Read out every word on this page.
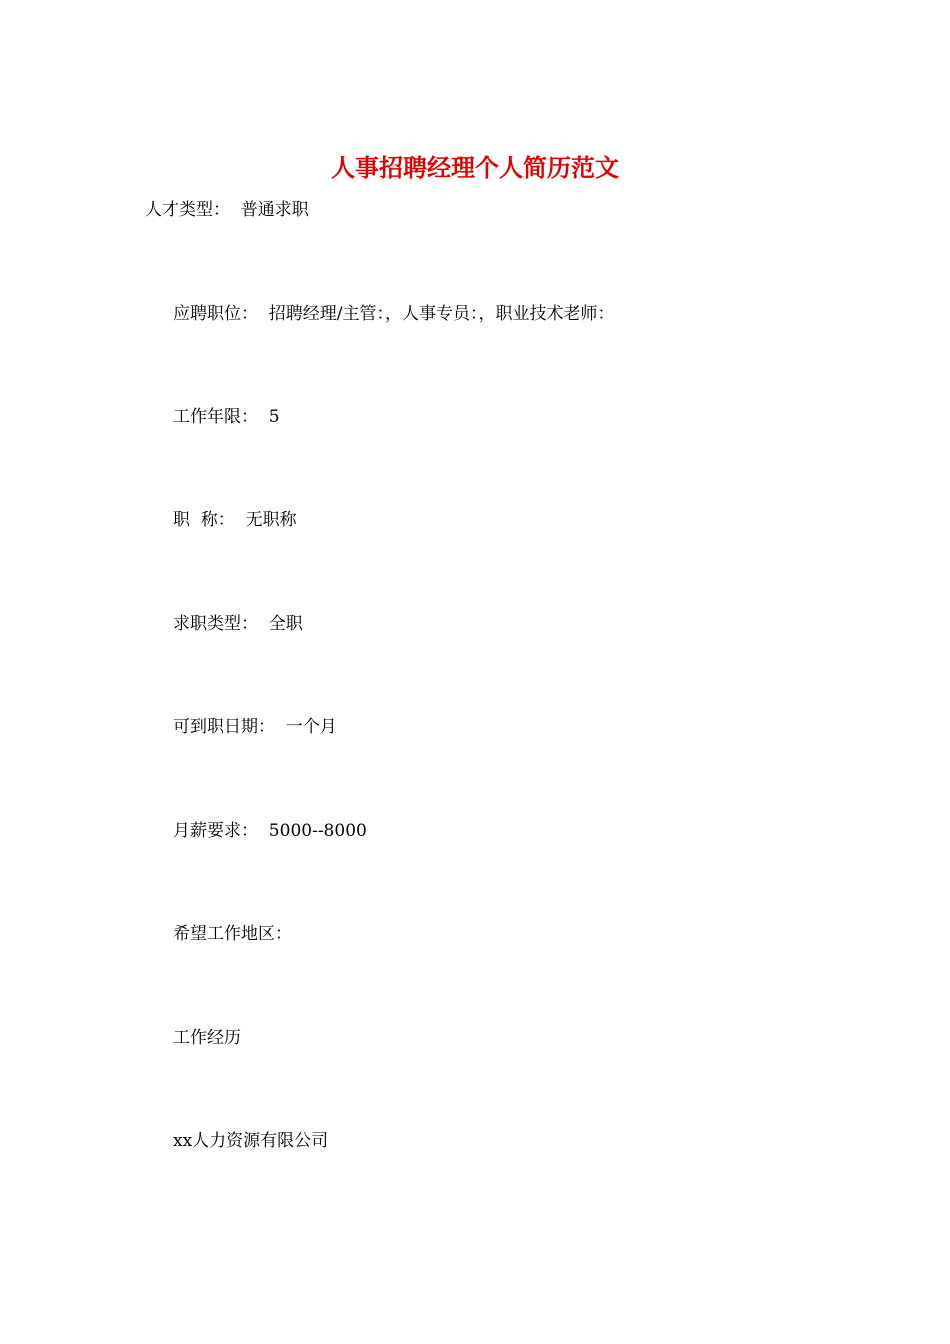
人事招聘经理个人简历范文
人才类型：  普通求职
应聘职位：  招聘经理/主管：，人事专员：，职业技术老师：
工作年限：  5
职  称：  无职称
求职类型：  全职
可到职日期：  一个月
月薪要求：  5000--8000
希望工作地区：
工作经历
xx人力资源有限公司
